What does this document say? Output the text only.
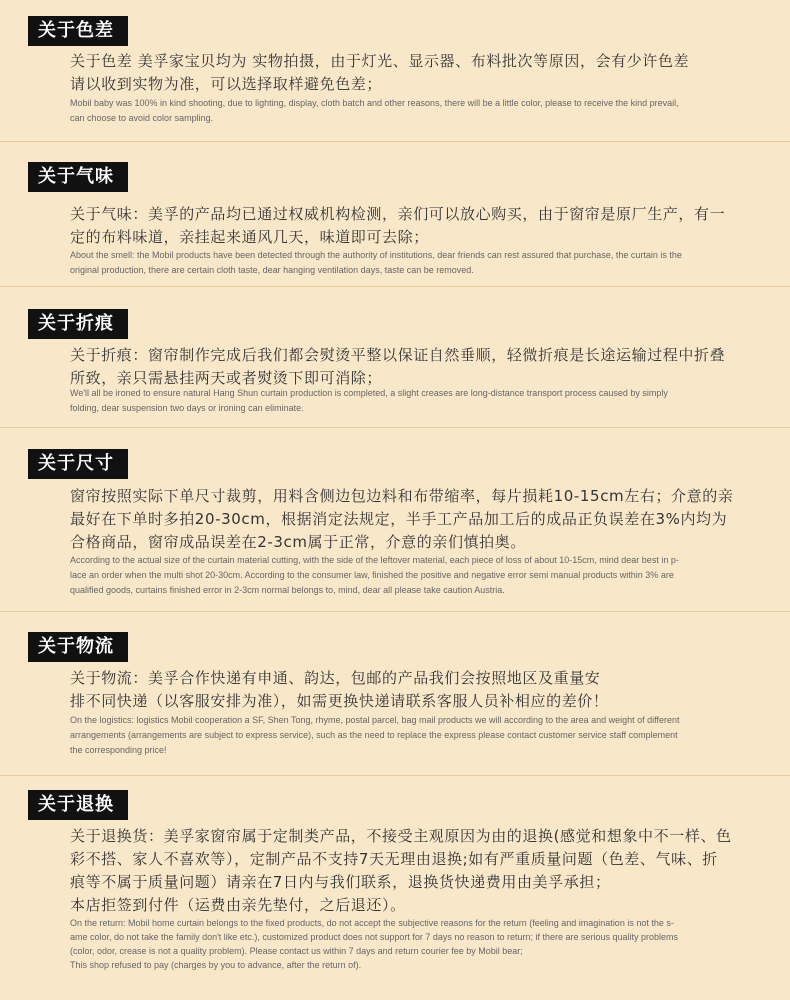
关于色差
关于色差 美孚家宝贝均为 实物拍摄，由于灯光、显示器、布料批次等原因，会有少许色差
请以收到实物为准，可以选择取样避免色差；
Mobil baby was 100% in kind shooting, due to lighting, display, cloth batch and other reasons, there will be a little color, please to receive the kind prevail,
can choose to avoid color sampling.
关于气味
关于气味：美孚的产品均已通过权威机构检测，亲们可以放心购买，由于窗帘是原厂生产，有一
定的布料味道，亲挂起来通风几天，味道即可去除；
About the smell: the Mobil products have been detected through the authority of institutions, dear friends can rest assured that purchase, the curtain is the
original production, there are certain cloth taste, dear hanging ventilation days, taste can be removed.
关于折痕
关于折痕：窗帘制作完成后我们都会熨烫平整以保证自然垂顺，轻微折痕是长途运输过程中折叠
所致，亲只需悬挂两天或者熨烫下即可消除；
We'll all be ironed to ensure natural Hang Shun curtain production is completed, a slight creases are long-distance transport process caused by simply
folding, dear suspension two days or ironing can eliminate.
关于尺寸
窗帘按照实际下单尺寸裁剪，用料含侧边包边料和布带缩率，每片损耗10-15cm左右；介意的亲
最好在下单时多拍20-30cm，根据消定法规定，半手工产品加工后的成品正负误差在3%内均为
合格商品，窗帘成品误差在2-3cm属于正常，介意的亲们慎拍奥。
According to the actual size of the curtain material cutting, with the side of the leftover material, each piece of loss of about 10-15cm, mind dear best in p-
lace an order when the multi shot 20-30cm. According to the consumer law, finished the positive and negative error semi manual products within 3% are
qualified goods, curtains finished error in 2-3cm normal belongs to, mind, dear all please take caution Austria.
关于物流
关于物流：美孚合作快递有申通、韵达，包邮的产品我们会按照地区及重量安
排不同快递（以客服安排为准），如需更换快递请联系客服人员补相应的差价！
On the logistics: logistics Mobil cooperation a SF, Shen Tong, rhyme, postal parcel, bag mail products we will according to the area and weight of different
arrangements (arrangements are subject to express service), such as the need to replace the express please contact customer service staff complement
the corresponding price!
关于退换
关于退换货：美孚家窗帘属于定制类产品，不接受主观原因为由的退换(感觉和想象中不一样、色
彩不搭、家人不喜欢等），定制产品不支持7天无理由退换;如有严重质量问题（色差、气味、折
痕等不属于质量问题）请亲在7日内与我们联系，退换货快递费用由美孚承担；
本店拒签到付件（运费由亲先垫付，之后退还）。
On the return: Mobil home curtain belongs to the fixed products, do not accept the subjective reasons for the return (feeling and imagination is not the s-
ame color, do not take the family don't like etc.), customized product does not support for 7 days no reason to return; if there are serious quality problems
(color, odor, crease is not a quality problem). Please contact us within 7 days and return courier fee by Mobil bear;
This shop refused to pay (charges by you to advance, after the return of).
